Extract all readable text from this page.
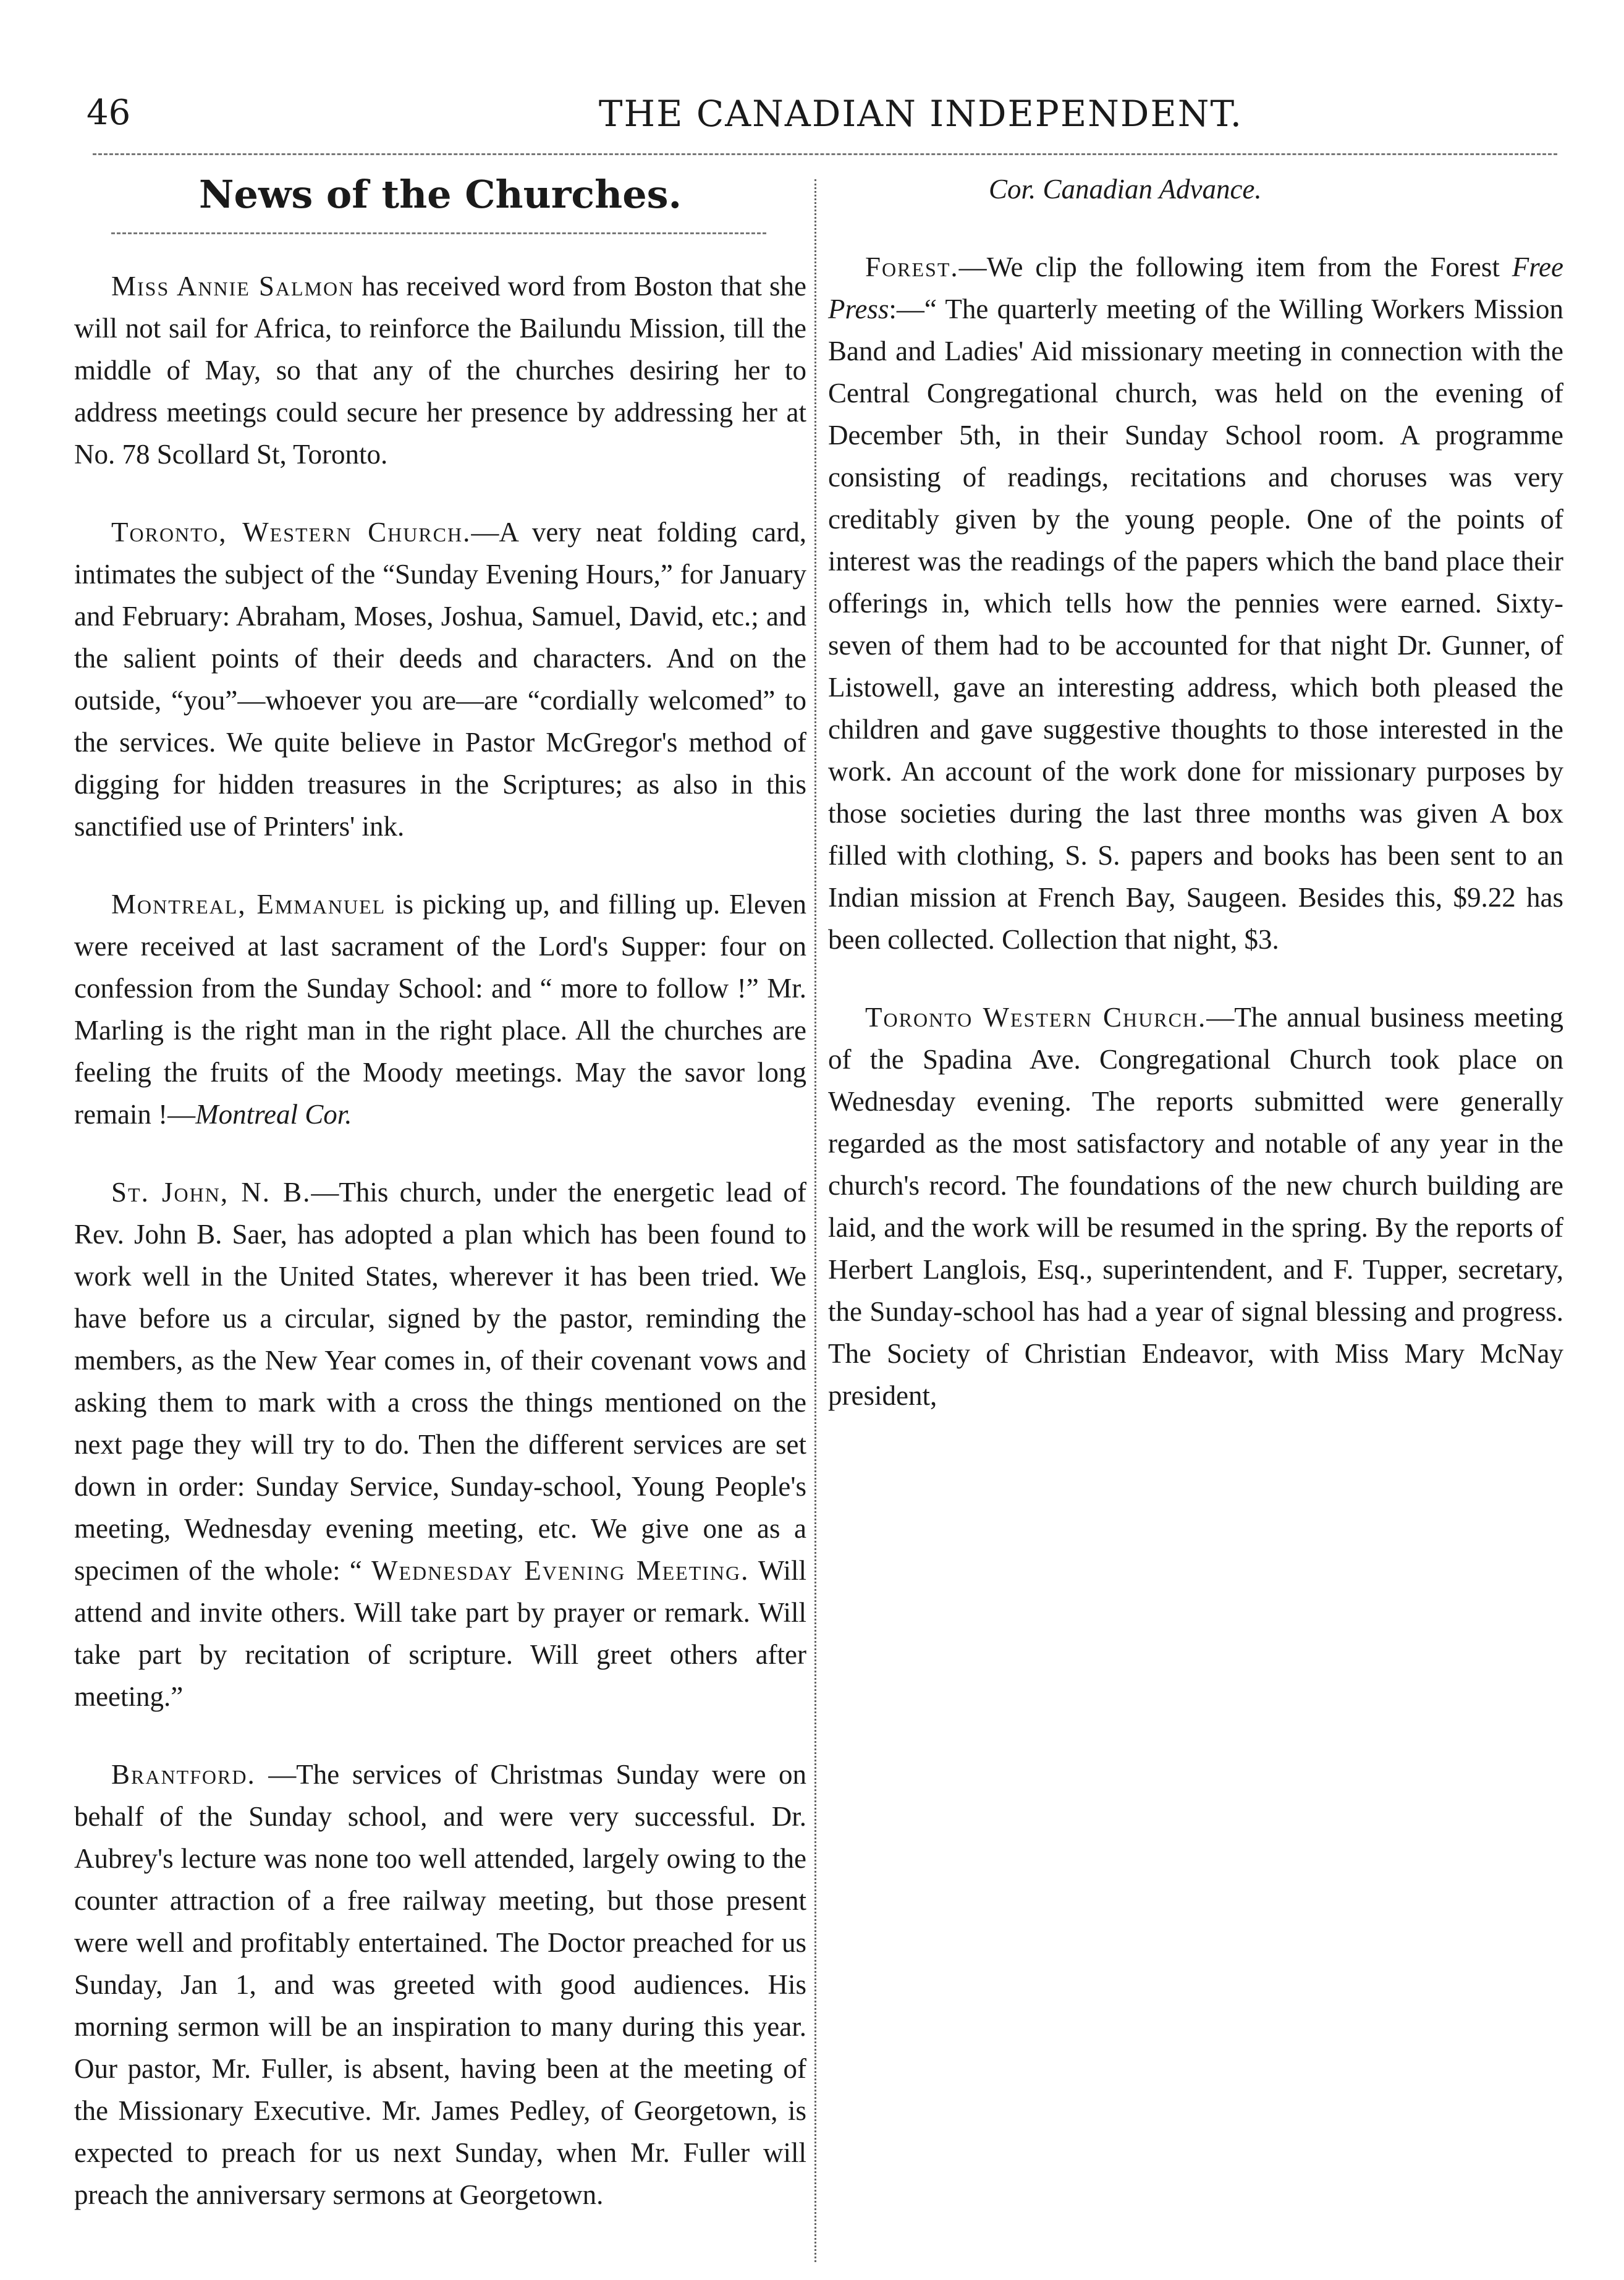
46	THE CANADIAN INDEPENDENT.
News of the Churches.

Miss Annie Salmon has received word from Boston that she will not sail for Africa, to reinforce the Bailundu Mission, till the middle of May, so that any of the churches desiring her to address meetings could secure her presence by addressing her at No. 78 Scollard St, Toronto.

Toronto, Western Church.—A very neat folding card, intimates the subject of the “Sunday Evening Hours,” for January and February: Abraham, Moses, Joshua, Samuel, David, etc.; and the salient points of their deeds and characters. And on the outside, “you”—whoever you are—are “cordially welcomed” to the services. We quite believe in Pastor McGregor's method of digging for hidden treasures in the Scriptures; as also in this sanctified use of Printers' ink.

Montreal, Emmanuel is picking up, and filling up. Eleven were received at last sacrament of the Lord's Supper: four on confession from the Sunday School: and “ more to follow !” Mr. Marling is the right man in the right place. All the churches are feeling the fruits of the Moody meetings. May the savor long remain !—Montreal Cor.

St. John, N. B.—This church, under the energetic lead of Rev. John B. Saer, has adopted a plan which has been found to work well in the United States, wherever it has been tried. We have before us a circular, signed by the pastor, reminding the members, as the New Year comes in, of their covenant vows and asking them to mark with a cross the things mentioned on the next page they will try to do. Then the different services are set down in order: Sunday Service, Sunday-school, Young People's meeting, Wednesday evening meeting, etc. We give one as a specimen of the whole: “ Wednesday Evening Meeting. Will attend and invite others. Will take part by prayer or remark. Will take part by recitation of scripture. Will greet others after meeting.”

Brantford. —The services of Christmas Sunday were on behalf of the Sunday school, and were very successful. Dr. Aubrey's lecture was none too well attended, largely owing to the counter attraction of a free railway meeting, but those present were well and profitably entertained. The Doctor preached for us Sunday, Jan 1, and was greeted with good audiences. His morning sermon will be an inspiration to many during this year. Our pastor, Mr. Fuller, is absent, having been at the meeting of the Missionary Executive. Mr. James Pedley, of Georgetown, is expected to preach for us next Sunday, when Mr. Fuller will preach the anniversary sermons at Georgetown.

Cor. Canadian Advance.

Forest.—We clip the following item from the Forest Free Press:—“ The quarterly meeting of the Willing Workers Mission Band and Ladies' Aid missionary meeting in connection with the Central Congregational church, was held on the evening of December 5th, in their Sunday School room. A programme consisting of readings, recitations and choruses was very creditably given by the young people. One of the points of interest was the readings of the papers which the band place their offerings in, which tells how the pennies were earned. Sixty-seven of them had to be accounted for that night Dr. Gunner, of Listowell, gave an interesting address, which both pleased the children and gave suggestive thoughts to those interested in the work. An account of the work done for missionary purposes by those societies during the last three months was given A box filled with clothing, S. S. papers and books has been sent to an Indian mission at French Bay, Saugeen. Besides this, $9.22 has been collected. Collection that night, $3.

Toronto Western Church.—The annual business meeting of the Spadina Ave. Congregational Church took place on Wednesday evening. The reports submitted were generally regarded as the most satisfactory and notable of any year in the church's record. The foundations of the new church building are laid, and the work will be resumed in the spring. By the reports of Herbert Langlois, Esq., superintendent, and F. Tupper, secretary, the Sunday-school has had a year of signal blessing and progress. The Society of Christian Endeavor, with Miss Mary McNay president,
